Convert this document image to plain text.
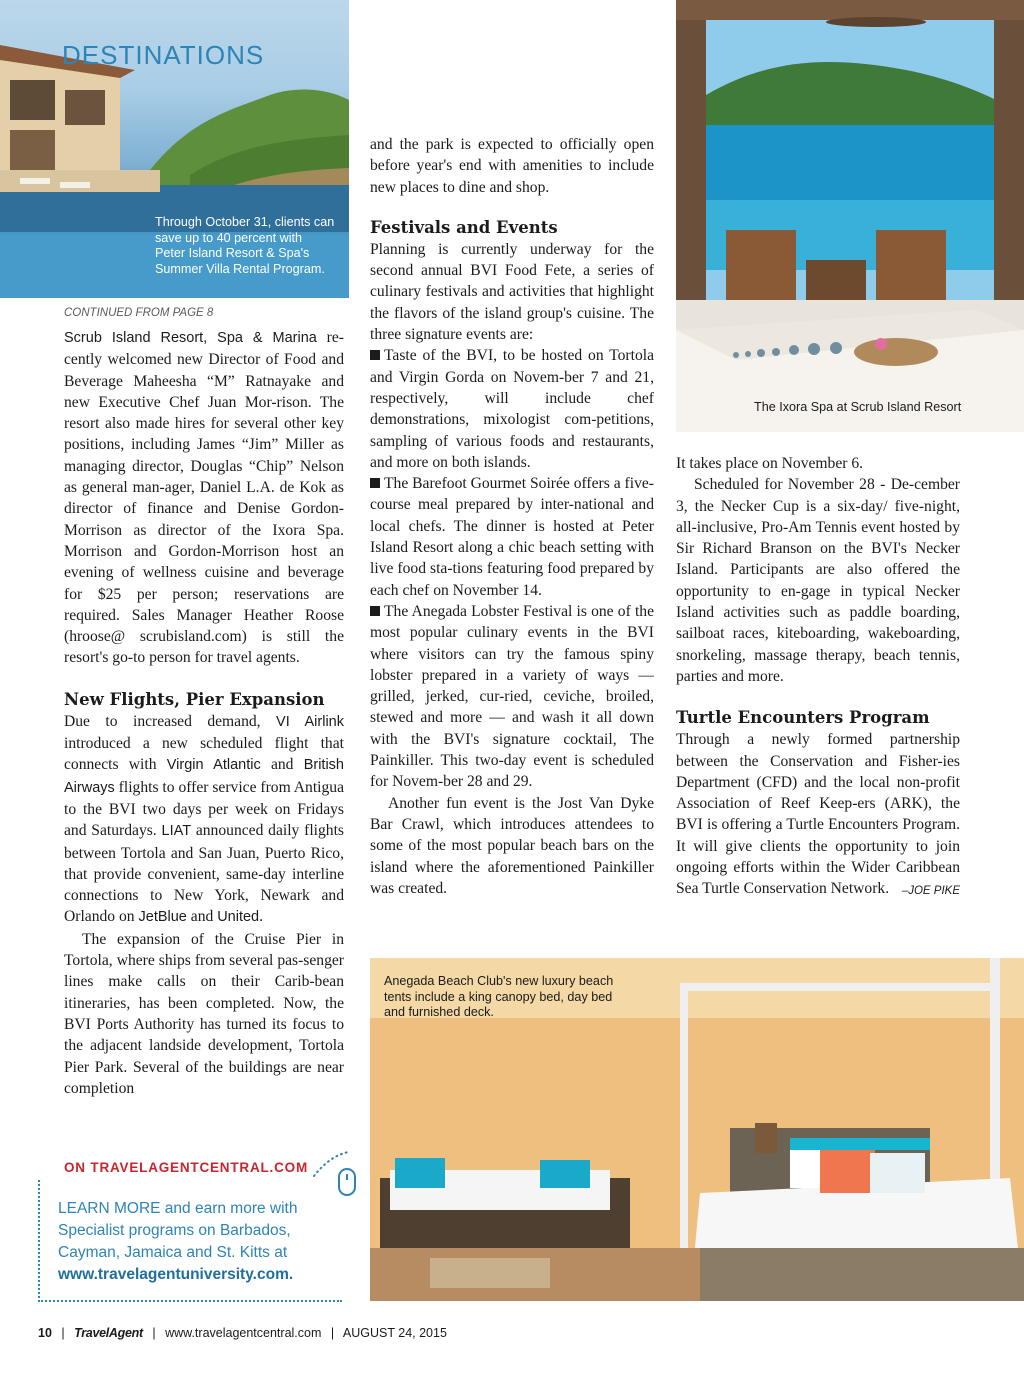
DESTINATIONS
Through October 31, clients can save up to 40 percent with Peter Island Resort & Spa's Summer Villa Rental Program.
The Ixora Spa at Scrub Island Resort
Anegada Beach Club's new luxury beach tents include a king canopy bed, day bed and furnished deck.
CONTINUED FROM PAGE 8

Scrub Island Resort, Spa & Marina re-cently welcomed new Director of Food and Beverage Maheesha “M” Ratnayake and new Executive Chef Juan Mor-rison. The resort also made hires for several other key positions, including James “Jim” Miller as managing director, Douglas “Chip” Nelson as general man-ager, Daniel L.A. de Kok as director of finance and Denise Gordon-Morrison as director of the Ixora Spa. Morrison and Gordon-Morrison host an evening of wellness cuisine and beverage for $25 per person; reservations are required. Sales Manager Heather Roose (hroose@ scrubisland.com) is still the resort's go-to person for travel agents.

New Flights, Pier Expansion

Due to increased demand, VI Airlink introduced a new scheduled flight that connects with Virgin Atlantic and British Airways flights to offer service from Antigua to the BVI two days per week on Fridays and Saturdays. LIAT announced daily flights between Tortola and San Juan, Puerto Rico, that provide convenient, same-day interline connections to New York, Newark and Orlando on JetBlue and United.

The expansion of the Cruise Pier in Tortola, where ships from several pas-senger lines make calls on their Carib-bean itineraries, has been completed. Now, the BVI Ports Authority has turned its focus to the adjacent landside development, Tortola Pier Park. Several of the buildings are near completion

and the park is expected to officially open before year's end with amenities to include new places to dine and shop.

Festivals and Events

Planning is currently underway for the second annual BVI Food Fete, a series of culinary festivals and activities that highlight the flavors of the island group's cuisine. The three signature events are:

Taste of the BVI, to be hosted on Tortola and Virgin Gorda on Novem-ber 7 and 21, respectively, will include chef demonstrations, mixologist com-petitions, sampling of various foods and restaurants, and more on both islands.

The Barefoot Gourmet Soirée offers a five-course meal prepared by inter-national and local chefs. The dinner is hosted at Peter Island Resort along a chic beach setting with live food sta-tions featuring food prepared by each chef on November 14.

The Anegada Lobster Festival is one of the most popular culinary events in the BVI where visitors can try the famous spiny lobster prepared in a variety of ways — grilled, jerked, cur-ried, ceviche, broiled, stewed and more — and wash it all down with the BVI's signature cocktail, The Painkiller. This two-day event is scheduled for Novem-ber 28 and 29.

Another fun event is the Jost Van Dyke Bar Crawl, which introduces attendees to some of the most popular beach bars on the island where the aforementioned Painkiller was created.

It takes place on November 6.

Scheduled for November 28 - De-cember 3, the Necker Cup is a six-day/ five-night, all-inclusive, Pro-Am Tennis event hosted by Sir Richard Branson on the BVI's Necker Island. Participants are also offered the opportunity to en-gage in typical Necker Island activities such as paddle boarding, sailboat races, kiteboarding, wakeboarding, snorkeling, massage therapy, beach tennis, parties and more.

Turtle Encounters Program

Through a newly formed partnership between the Conservation and Fisher-ies Department (CFD) and the local non-profit Association of Reef Keep-ers (ARK), the BVI is offering a Turtle Encounters Program. It will give clients the opportunity to join ongoing efforts within the Wider Caribbean Sea Turtle Conservation Network. –JOE PIKE

ON TRAVELAGENTCENTRAL.COM
LEARN MORE and earn more with Specialist programs on Barbados, Cayman, Jamaica and St. Kitts at www.travelagentuniversity.com.
10 | TravelAgent | www.travelagentcentral.com | AUGUST 24, 2015
